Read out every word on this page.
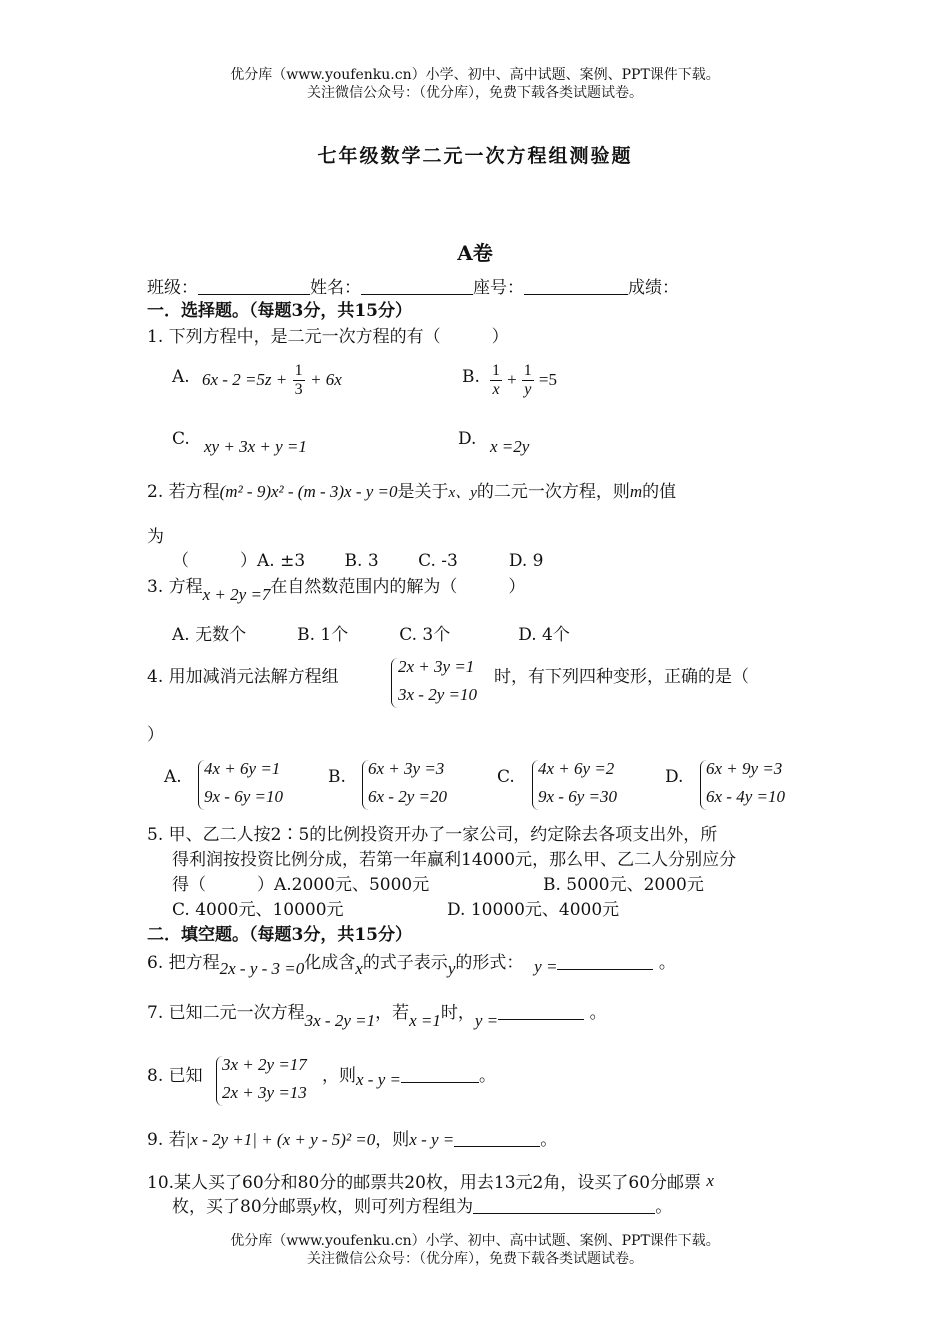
优分库（www.youfenku.cn）小学、初中、高中试题、案例、PPT课件下载。
关注微信公众号：（优分库），免费下载各类试题试卷。
七年级数学二元一次方程组测验题
A卷
班级：	姓名：	座号：	成绩：
一．选择题。（每题3分，共15分）
1. 下列方程中，是二元一次方程的有（　　　）
A. $6x - 2 =5z + \frac{1}{3} + 6x$	B. $\frac{1}{x} + \frac{1}{y} =5$
C. xy + 3x + y =1	D. x =2y
2. 若方程(m² - 9)x² - (m - 3)x - y =0是关于x、y的二元一次方程，则m的值
为
（　　　）A. ±3　　 B. 3　　 C. -3　　　D. 9
3. 方程x + 2y =7在自然数范围内的解为（　　　）
A. 无数个　　　B. 1个　　　C. 3个　　　　D. 4个
4. 用加减消元法解方程组
2x + 3y =1
3x - 2y =10
时，有下列四种变形，正确的是（
）
A. 4x + 6y =1
9x - 6y =10
B. 6x + 3y =3
6x - 2y =20
C. 4x + 6y =2
9x - 6y =30
D. 6x + 9y =3
6x - 4y =10
5. 甲、乙二人按2∶5的比例投资开办了一家公司，约定除去各项支出外，所
得利润按投资比例分成，若第一年赢利14000元，那么甲、乙二人分别应分
得（　　　）A.2000元、5000元	B. 5000元、2000元
C. 4000元、10000元	D. 10000元、4000元
二．填空题。（每题3分，共15分）
6. 把方程2x - y - 3 =0化成含x的式子表示y的形式： y =	。
7. 已知二元一次方程3x - 2y =1，若x =1时，y =	。
8. 已知
3x + 2y =17
2x + 3y =13
，则x - y =	。
9. 若|x - 2y +1| + (x + y - 5)² =0，则x - y =	。
10.某人买了60分和80分的邮票共20枚，用去13元2角，设买了60分邮票 x
枚，买了80分邮票y枚，则可列方程组为	。
优分库（www.youfenku.cn）小学、初中、高中试题、案例、PPT课件下载。
关注微信公众号：（优分库），免费下载各类试题试卷。
